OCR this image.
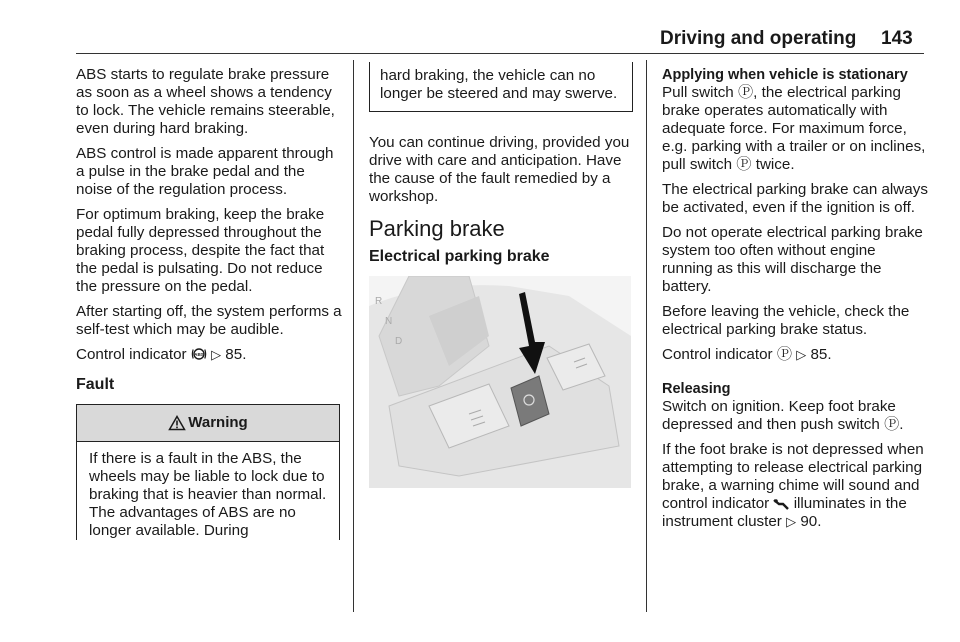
Driving and operating 143

ABS starts to regulate brake pressure as soon as a wheel shows a tendency to lock. The vehicle remains steerable, even during hard braking.

ABS control is made apparent through a pulse in the brake pedal and the noise of the regulation process.

For optimum braking, keep the brake pedal fully depressed throughout the braking process, despite the fact that the pedal is pulsating. Do not reduce the pressure on the pedal.

After starting off, the system performs a self-test which may be audible.

Control indicator ABS ▷ 85.

Fault
Warning
If there is a fault in the ABS, the wheels may be liable to lock due to braking that is heavier than normal. The advantages of ABS are no longer available. During
hard braking, the vehicle can no longer be steered and may swerve.

You can continue driving, provided you drive with care and anticipation. Have the cause of the fault remedied by a workshop.

Parking brake
Electrical parking brake
R
N
D
Applying when vehicle is stationary

Pull switch Ⓟ, the electrical parking brake operates automatically with adequate force. For maximum force, e.g. parking with a trailer or on inclines, pull switch Ⓟ twice.

The electrical parking brake can always be activated, even if the ignition is off.

Do not operate electrical parking brake system too often without engine running as this will discharge the battery.

Before leaving the vehicle, check the electrical parking brake status.

Control indicator Ⓟ ▷ 85.

Releasing

Switch on ignition. Keep foot brake depressed and then push switch Ⓟ.

If the foot brake is not depressed when attempting to release electrical parking brake, a warning chime will sound and control indicator illuminates in the instrument cluster ▷ 90.
